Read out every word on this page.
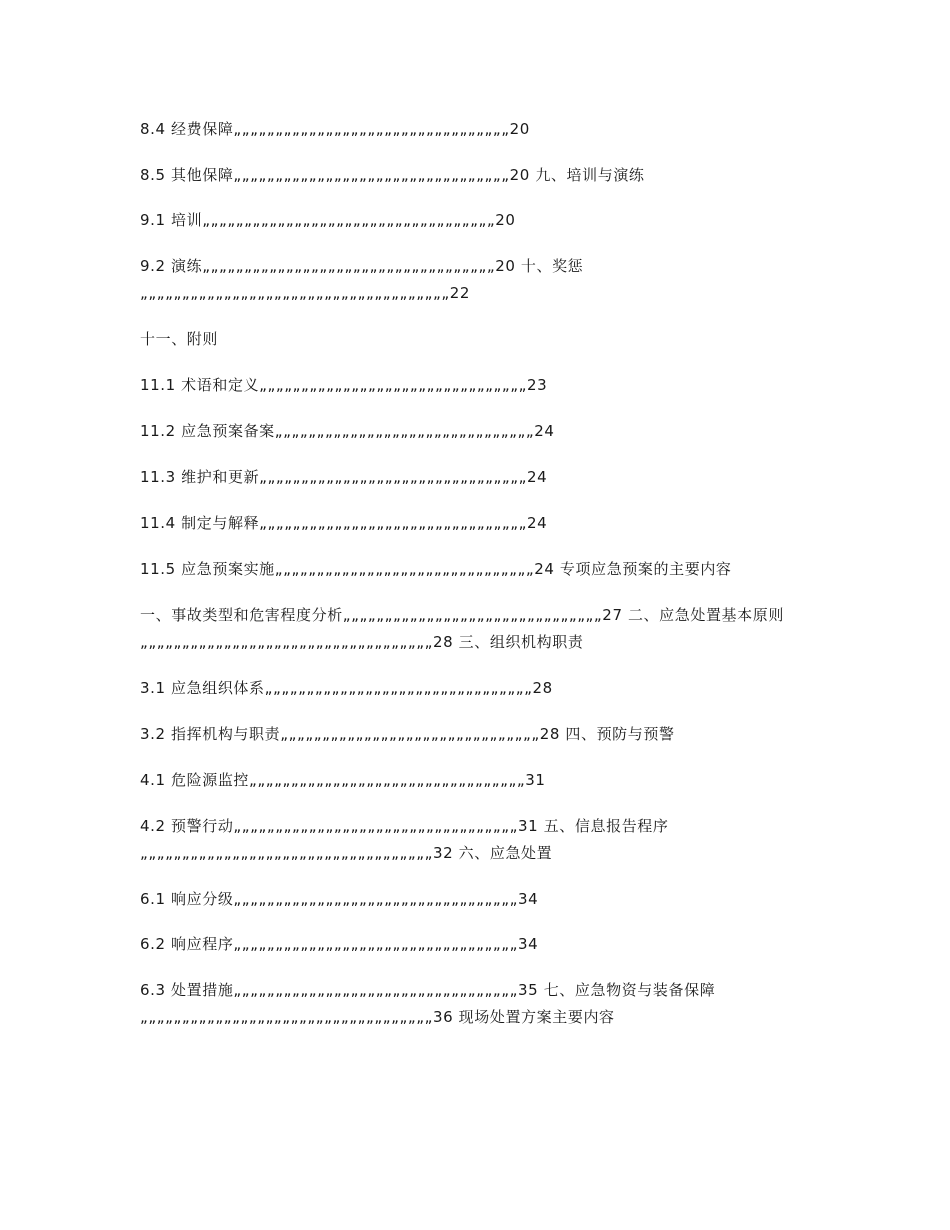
8.4 经费保障„„„„„„„„„„„„„„„„„„„„„„„„„„„„„„„„„20

8.5 其他保障„„„„„„„„„„„„„„„„„„„„„„„„„„„„„„„„„20 九、培训与演练

9.1 培训„„„„„„„„„„„„„„„„„„„„„„„„„„„„„„„„„„„20

9.2 演练„„„„„„„„„„„„„„„„„„„„„„„„„„„„„„„„„„„20 十、奖惩 „„„„„„„„„„„„„„„„„„„„„„„„„„„„„„„„„„„„„22

十一、附则

11.1 术语和定义„„„„„„„„„„„„„„„„„„„„„„„„„„„„„„„„23

11.2 应急预案备案„„„„„„„„„„„„„„„„„„„„„„„„„„„„„„„24

11.3 维护和更新„„„„„„„„„„„„„„„„„„„„„„„„„„„„„„„„24

11.4 制定与解释„„„„„„„„„„„„„„„„„„„„„„„„„„„„„„„„24

11.5 应急预案实施„„„„„„„„„„„„„„„„„„„„„„„„„„„„„„„24 专项应急预案的主要内容

一、事故类型和危害程度分析„„„„„„„„„„„„„„„„„„„„„„„„„„„„„„„27 二、应急处置基本原则„„„„„„„„„„„„„„„„„„„„„„„„„„„„„„„„„„„28 三、组织机构职责

3.1 应急组织体系„„„„„„„„„„„„„„„„„„„„„„„„„„„„„„„„28

3.2 指挥机构与职责„„„„„„„„„„„„„„„„„„„„„„„„„„„„„„„28 四、预防与预警

4.1 危险源监控„„„„„„„„„„„„„„„„„„„„„„„„„„„„„„„„„31

4.2 预警行动„„„„„„„„„„„„„„„„„„„„„„„„„„„„„„„„„„31 五、信息报告程序„„„„„„„„„„„„„„„„„„„„„„„„„„„„„„„„„„„32 六、应急处置

6.1 响应分级„„„„„„„„„„„„„„„„„„„„„„„„„„„„„„„„„„34

6.2 响应程序„„„„„„„„„„„„„„„„„„„„„„„„„„„„„„„„„„34

6.3 处置措施„„„„„„„„„„„„„„„„„„„„„„„„„„„„„„„„„„35 七、应急物资与装备保障„„„„„„„„„„„„„„„„„„„„„„„„„„„„„„„„„„„36 现场处置方案主要内容
